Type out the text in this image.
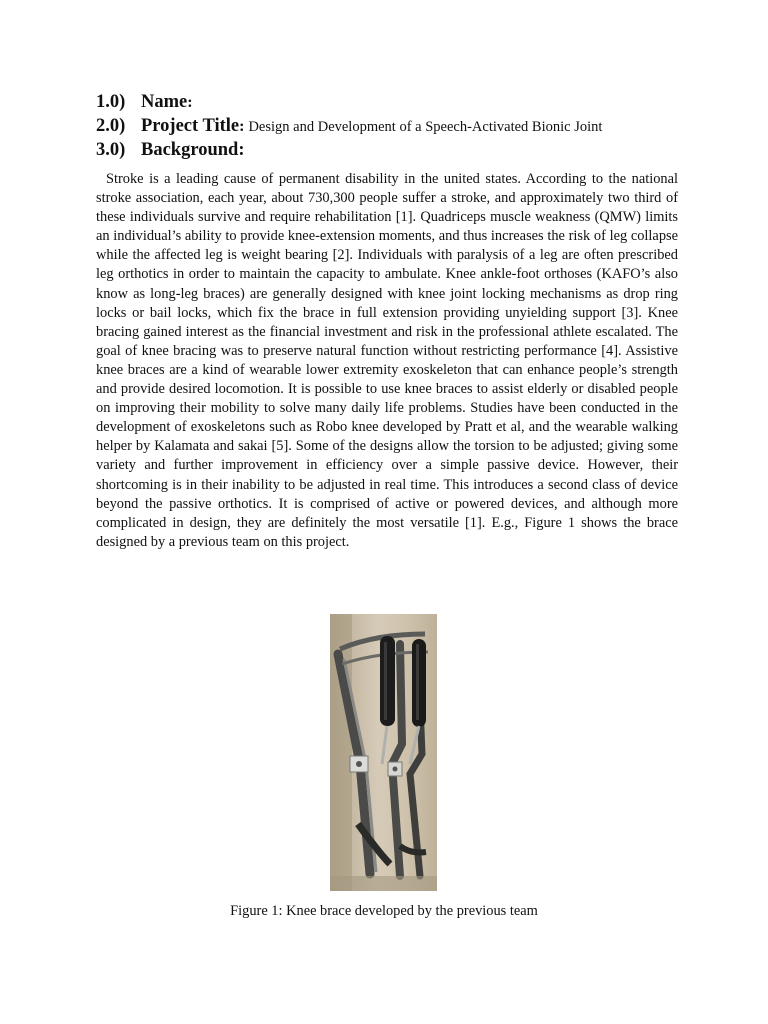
1.0) Name :
2.0) Project Title : Design and Development of a Speech-Activated Bionic Joint
3.0) Background:

Stroke is a leading cause of permanent disability in the united states. According to the national stroke association, each year, about 730,300 people suffer a stroke, and approximately two third of these individuals survive and require rehabilitation [1]. Quadriceps muscle weakness (QMW) limits an individual’s ability to provide knee-extension moments, and thus increases the risk of leg collapse while the affected leg is weight bearing [2]. Individuals with paralysis of a leg are often prescribed leg orthotics in order to maintain the capacity to ambulate. Knee ankle-foot orthoses (KAFO’s also know as long-leg braces) are generally designed with knee joint locking mechanisms as drop ring locks or bail locks, which fix the brace in full extension providing unyielding support [3]. Knee bracing gained interest as the financial investment and risk in the professional athlete escalated. The goal of knee bracing was to preserve natural function without restricting performance [4]. Assistive knee braces are a kind of wearable lower extremity exoskeleton that can enhance people’s strength and provide desired locomotion. It is possible to use knee braces to assist elderly or disabled people on improving their mobility to solve many daily life problems. Studies have been conducted in the development of exoskeletons such as Robo knee developed by Pratt et al, and the wearable walking helper by Kalamata and sakai [5]. Some of the designs allow the torsion to be adjusted; giving some variety and further improvement in efficiency over a simple passive device. However, their shortcoming is in their inability to be adjusted in real time. This introduces a second class of device beyond the passive orthotics. It is comprised of active or powered devices, and although more complicated in design, they are definitely the most versatile [1]. E.g., Figure 1 shows the brace designed by a previous team on this project.

Figure 1: Knee brace developed by the previous team
